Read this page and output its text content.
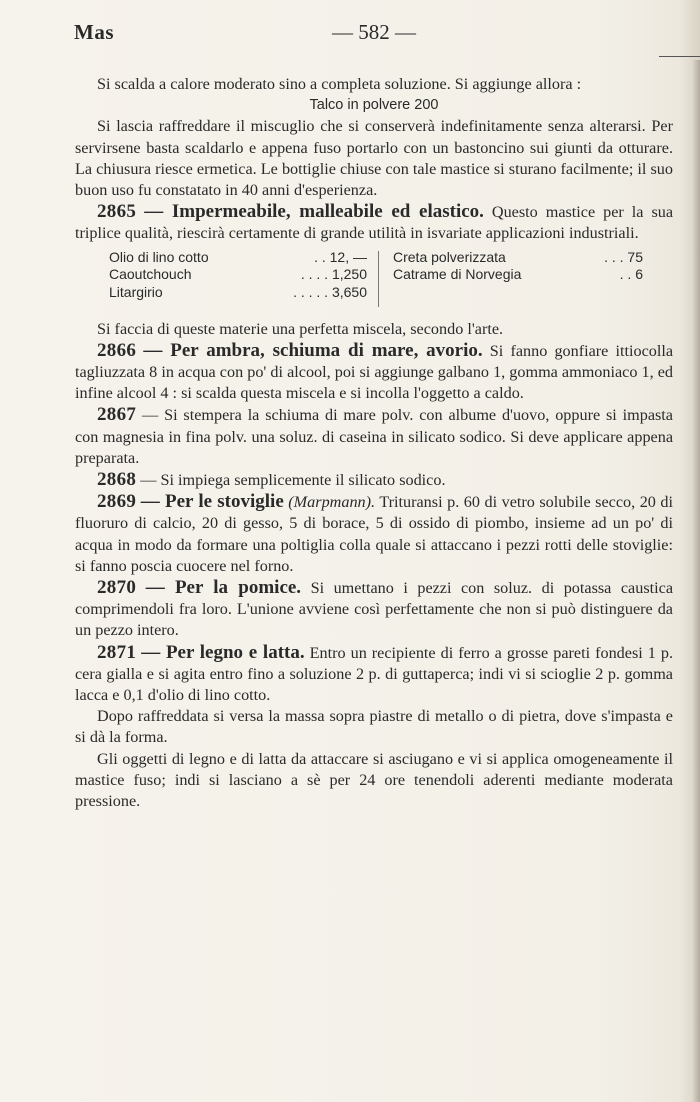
Mas	— 582 —

Si scalda a calore moderato sino a completa soluzione. Si aggiunge allora :

Talco in polvere 200

Si lascia raffreddare il miscuglio che si conserverà indefinitamente senza alterarsi. Per servirsene basta scaldarlo e appena fuso portarlo con un bastoncino sui giunti da otturare. La chiusura riesce ermetica. Le bottiglie chiuse con tale mastice si sturano facilmente; il suo buon uso fu constatato in 40 anni d'esperienza.

2865 — Impermeabile, malleabile ed elastico. Questo mastice per la sua triplice qualità, riescirà certamente di grande utilità in isvariate applicazioni industriali.

Olio di lino cotto	. . 12, —
Caoutchouch	. . . . 1,250
Litargirio	. . . . . 3,650
Creta polverizzata	. . . 75
Catrame di Norvegia	. . 6

Si faccia di queste materie una perfetta miscela, secondo l'arte.

2866 — Per ambra, schiuma di mare, avorio. Si fanno gonfiare ittiocolla tagliuzzata 8 in acqua con po' di alcool, poi si aggiunge galbano 1, gomma ammoniaco 1, ed infine alcool 4 : si scalda questa miscela e si incolla l'oggetto a caldo.

2867 — Si stempera la schiuma di mare polv. con albume d'uovo, oppure si impasta con magnesia in fina polv. una soluz. di caseina in silicato sodico. Si deve applicare appena preparata.

2868 — Si impiega semplicemente il silicato sodico.

2869 — Per le stoviglie (Marpmann). Trituransi p. 60 di vetro solubile secco, 20 di fluoruro di calcio, 20 di gesso, 5 di borace, 5 di ossido di piombo, insieme ad un po' di acqua in modo da formare una poltiglia colla quale si attaccano i pezzi rotti delle stoviglie: si fanno poscia cuocere nel forno.

2870 — Per la pomice. Si umettano i pezzi con soluz. di potassa caustica comprimendoli fra loro. L'unione avviene così perfettamente che non si può distinguere da un pezzo intero.

2871 — Per legno e latta. Entro un recipiente di ferro a grosse pareti fondesi 1 p. cera gialla e si agita entro fino a soluzione 2 p. di guttaperca; indi vi si scioglie 2 p. gomma lacca e 0,1 d'olio di lino cotto.

Dopo raffreddata si versa la massa sopra piastre di metallo o di pietra, dove s'impasta e si dà la forma.

Gli oggetti di legno e di latta da attaccare si asciugano e vi si applica omogeneamente il mastice fuso; indi si lasciano a sè per 24 ore tenendoli aderenti mediante moderata pressione.
